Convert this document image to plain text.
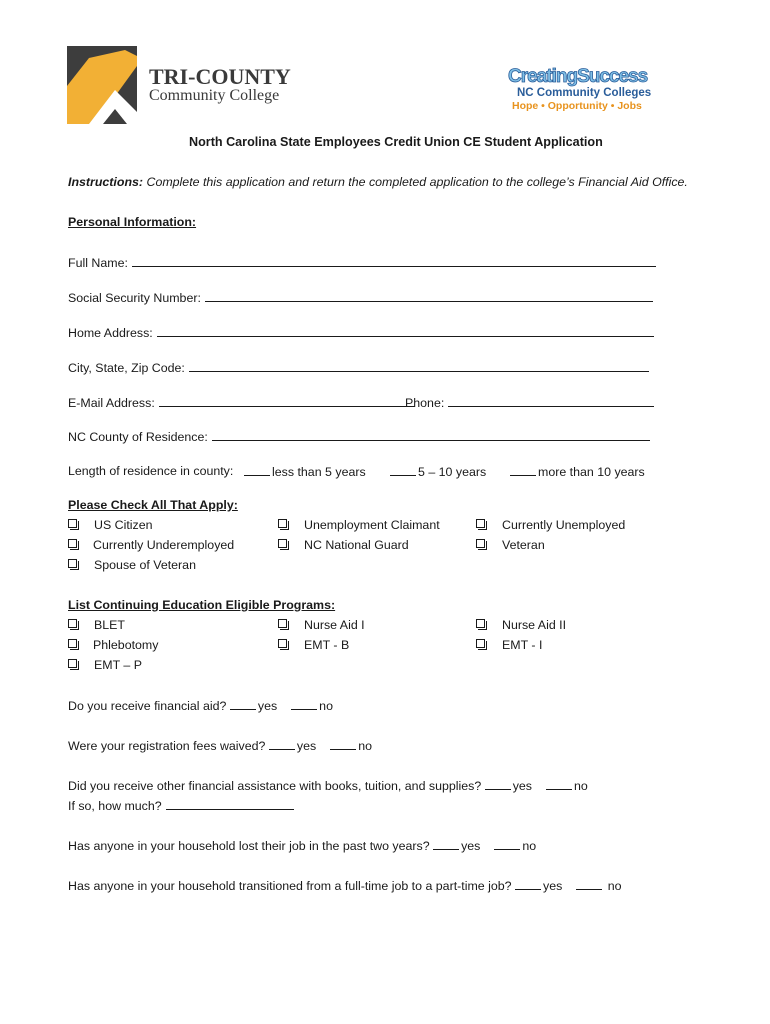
TRI-COUNTY
Community College
CreatingSuccess
NC Community Colleges
Hope • Opportunity • Jobs
North Carolina State Employees Credit Union CE Student Application
Instructions: Complete this application and return the completed application to the college’s Financial Aid Office.
Personal Information:
Full Name:
Social Security Number:
Home Address:
City, State, Zip Code:
E-Mail Address:	Phone:
NC County of Residence:
Length of residence in county:	less than 5 years	5 – 10 years	more than 10 years
Please Check All That Apply:
US Citizen	Unemployment Claimant	Currently Unemployed
Currently Underemployed	NC National Guard	Veteran
Spouse of Veteran
List Continuing Education Eligible Programs:
BLET	Nurse Aid I	Nurse Aid II
Phlebotomy	EMT - B	EMT - I
EMT – P
Do you receive financial aid?	yes	no
Were your registration fees waived?	yes	no
Did you receive other financial assistance with books, tuition, and supplies?	yes	no
If so, how much?
Has anyone in your household lost their job in the past two years?	yes	no
Has anyone in your household transitioned from a full-time job to a part-time job?	yes	no
